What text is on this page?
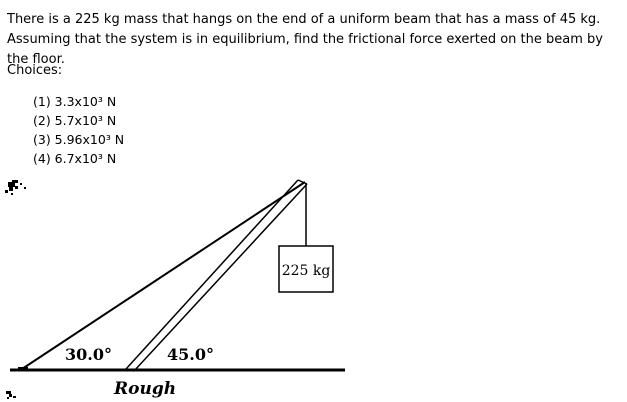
There is a 225 kg mass that hangs on the end of a uniform beam that has a mass of 45 kg. Assuming that the system is in equilibrium, find the frictional force exerted on the beam by the floor.
Choices:
(1) 3.3x10³ N
(2) 5.7x10³ N
(3) 5.96x10³ N
(4) 6.7x10³ N
225 kg
30.0°	45.0°
Rough
